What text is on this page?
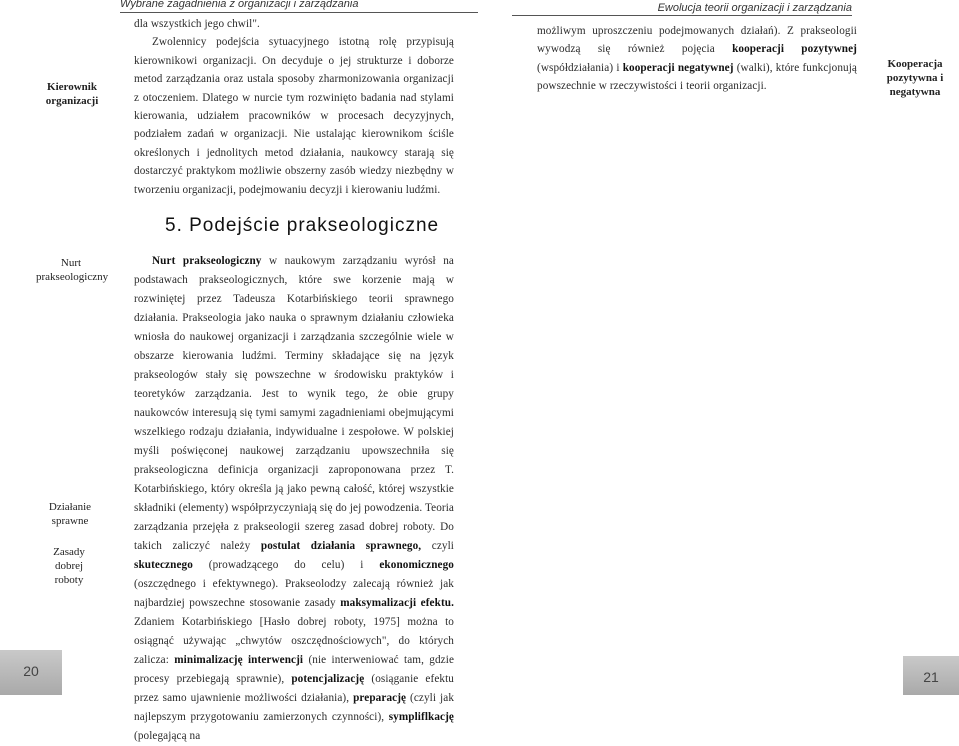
Wybrane zagadnienia z organizacji i zarządzania	Ewolucja teorii organizacji i zarządzania
Kierownik organizacji
Kooperacja pozytywna i negatywna
Nurt prakseologiczny
Działanie sprawne
Zasady dobrej roboty

dla wszystkich jego chwil".

Zwolennicy podejścia sytuacyjnego istotną rolę przypisują kierownikowi organizacji. On decyduje o jej strukturze i doborze metod zarządzania oraz ustala sposoby zharmonizowania organizacji z otoczeniem. Dlatego w nurcie tym rozwinięto badania nad stylami kierowania, udziałem pracowników w procesach decyzyjnych, podziałem zadań w organizacji. Nie ustalając kierownikom ściśle określonych i jednolitych metod działania, naukowcy starają się dostarczyć praktykom możliwie obszerny zasób wiedzy niezbędny w tworzeniu organizacji, podejmowaniu decyzji i kierowaniu ludźmi.

możliwym uproszczeniu podejmowanych działań). Z prakseologii wywodzą się również pojęcia kooperacji pozytywnej (współdziałania) i kooperacji negatywnej (walki), które funkcjonują powszechnie w rzeczywistości i teorii organizacji.

5. Podejście prakseologiczne

Nurt prakseologiczny w naukowym zarządzaniu wyrósł na podstawach prakseologicznych, które swe korzenie mają w rozwiniętej przez Tadeusza Kotarbińskiego teorii sprawnego działania. Prakseologia jako nauka o sprawnym działaniu człowieka wniosła do naukowej organizacji i zarządzania szczególnie wiele w obszarze kierowania ludźmi. Terminy składające się na język prakseologów stały się powszechne w środowisku praktyków i teoretyków zarządzania. Jest to wynik tego, że obie grupy naukowców interesują się tymi samymi zagadnieniami obejmującymi wszelkiego rodzaju działania, indywidualne i zespołowe. W polskiej myśli poświęconej naukowej zarządzaniu upowszechniła się prakseologiczna definicja organizacji zaproponowana przez T. Kotarbińskiego, który określa ją jako pewną całość, której wszystkie składniki (elementy) współprzyczyniają się do jej powodzenia. Teoria zarządzania przejęła z prakseologii szereg zasad dobrej roboty. Do takich zaliczyć należy postulat działania sprawnego, czyli skutecznego (prowadzącego do celu) i ekonomicznego (oszczędnego i efektywnego). Prakseolodzy zalecają również jak najbardziej powszechne stosowanie zasady maksymalizacji efektu. Zdaniem Kotarbińskiego [Hasło dobrej roboty, 1975] można to osiągnąć używając „chwytów oszczędnościowych", do których zalicza: minimalizację interwencji (nie interweniować tam, gdzie procesy przebiegają sprawnie), potencjalizację (osiąganie efektu przez samo ujawnienie możliwości działania), preparację (czyli jak najlepszym przygotowaniu zamierzonych czynności), sympliflkację (polegającą na

20	21
